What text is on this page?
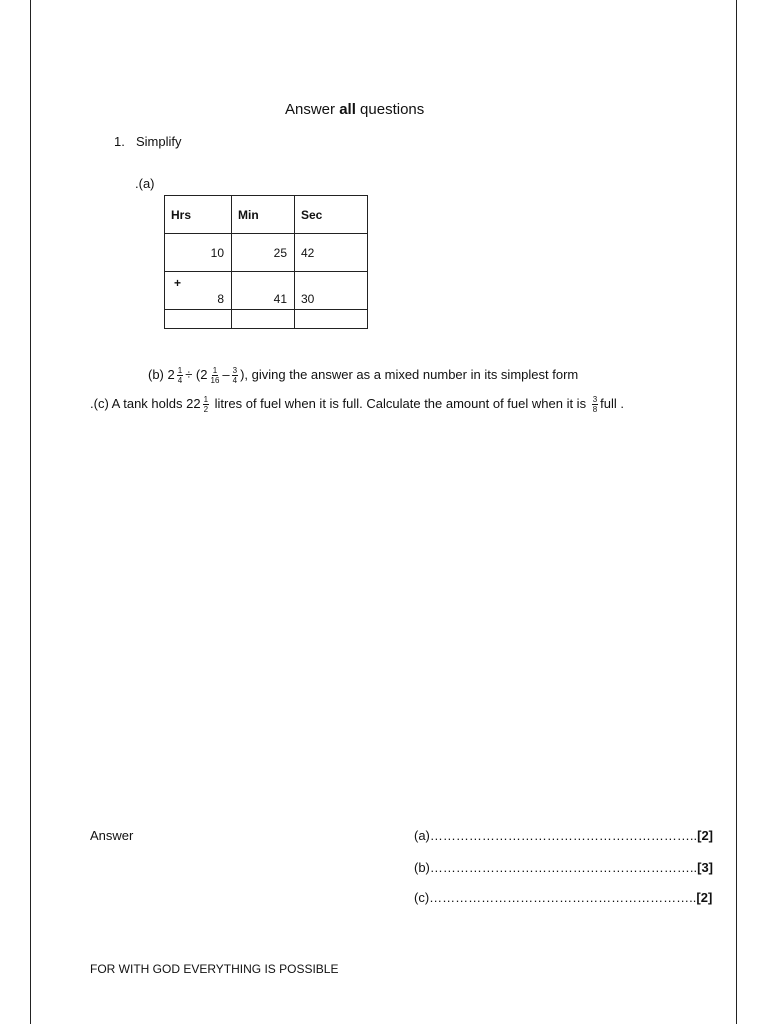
Answer all questions
1. Simplify
.(a)
Hrs	Min	Sec

10	25	42

+
8	41	30

(b) $2 \frac{1}{4} \div (2 \frac{1}{16} - \frac{3}{4}$ ), giving the answer as a mixed number in its simplest form
.(c) A tank holds $22 \frac{1}{2}$ litres of fuel when it is full. Calculate the amount of fuel when it is $\frac{3}{8}$ full .
Answer	(a)……………………………………………………..[2]
(b)……………………………………………………..[3]
(c)……………………………………………………..[2]
FOR WITH GOD EVERYTHING IS POSSIBLE
